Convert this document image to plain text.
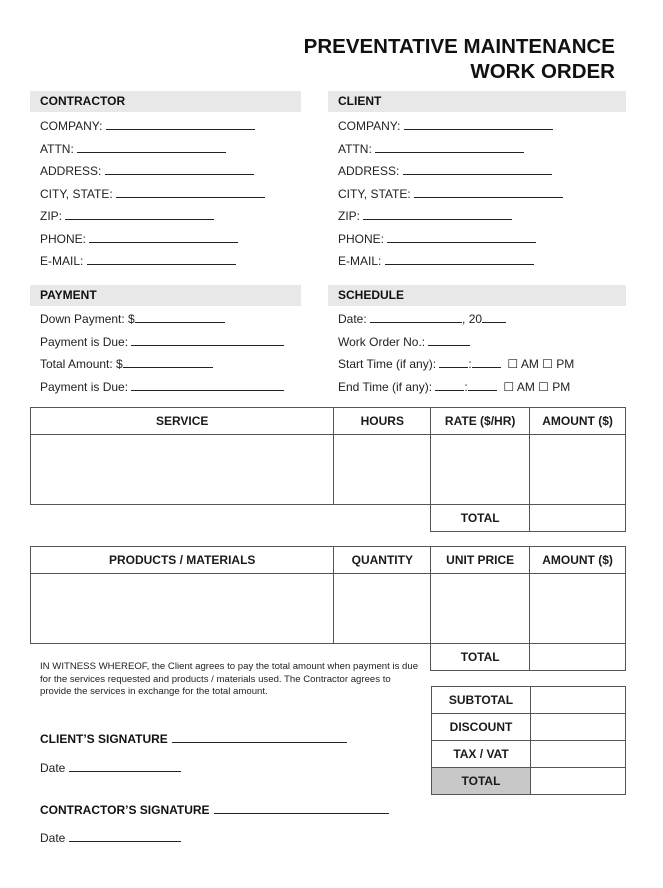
PREVENTATIVE MAINTENANCE
WORK ORDER
CONTRACTOR
COMPANY:
ATTN:
ADDRESS:
CITY, STATE:
ZIP:
PHONE:
E-MAIL:
CLIENT
COMPANY:
ATTN:
ADDRESS:
CITY, STATE:
ZIP:
PHONE:
E-MAIL:
PAYMENT
Down Payment: $
Payment is Due:
Total Amount: $
Payment is Due:
SCHEDULE
Date:	, 20
Work Order No.:
Start Time (if any):	:	☐ AM ☐ PM
End Time (if any):	:	☐ AM ☐ PM
SERVICE	HOURS	RATE ($/HR)	AMOUNT ($)

		TOTAL	
PRODUCTS / MATERIALS	QUANTITY	UNIT PRICE	AMOUNT ($)

		TOTAL	
IN WITNESS WHEREOF, the Client agrees to pay the total amount when payment is due for the services requested and products / materials used. The Contractor agrees to provide the services in exchange for the total amount.
SUBTOTAL	
DISCOUNT	
TAX / VAT	
TOTAL	
CLIENT’S SIGNATURE
Date
CONTRACTOR’S SIGNATURE
Date
